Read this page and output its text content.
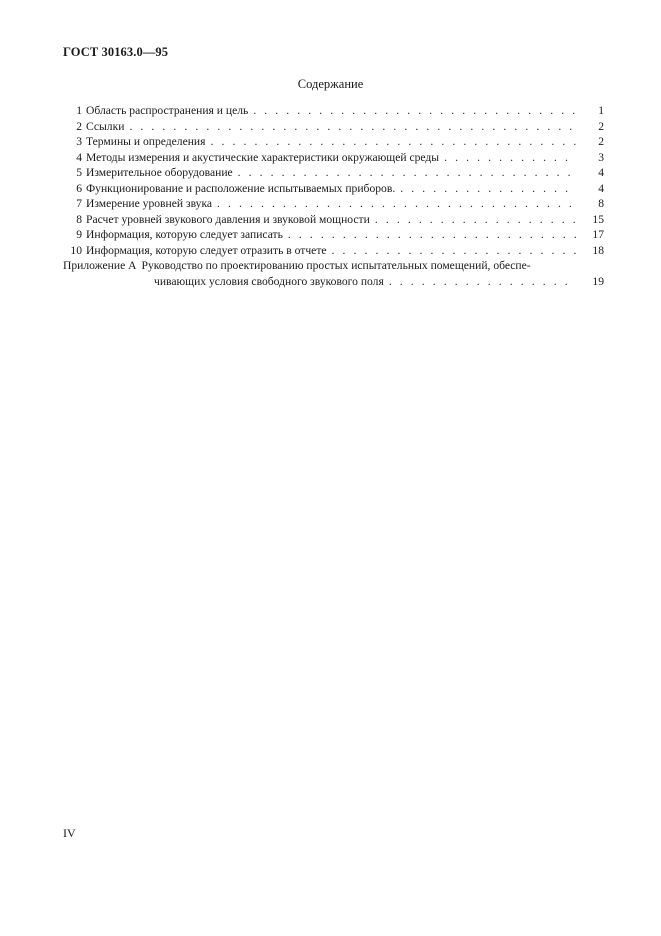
ГОСТ 30163.0—95
Содержание
1 Область распространения и цель . . .	1
2 Ссылки . . .	2
3 Термины и определения . . .	2
4 Методы измерения и акустические характеристики окружающей среды . . .	3
5 Измерительное оборудование . . .	4
6 Функционирование и расположение испытываемых приборов. . . .	4
7 Измерение уровней звука . . .	8
8 Расчет уровней звукового давления и звуковой мощности . . .	15
9 Информация, которую следует записать . . .	17
10 Информация, которую следует отразить в отчете . . .	18
Приложение А Руководство по проектированию простых испытательных помещений, обеспе-
чивающих условия свободного звукового поля . . .	19
IV
